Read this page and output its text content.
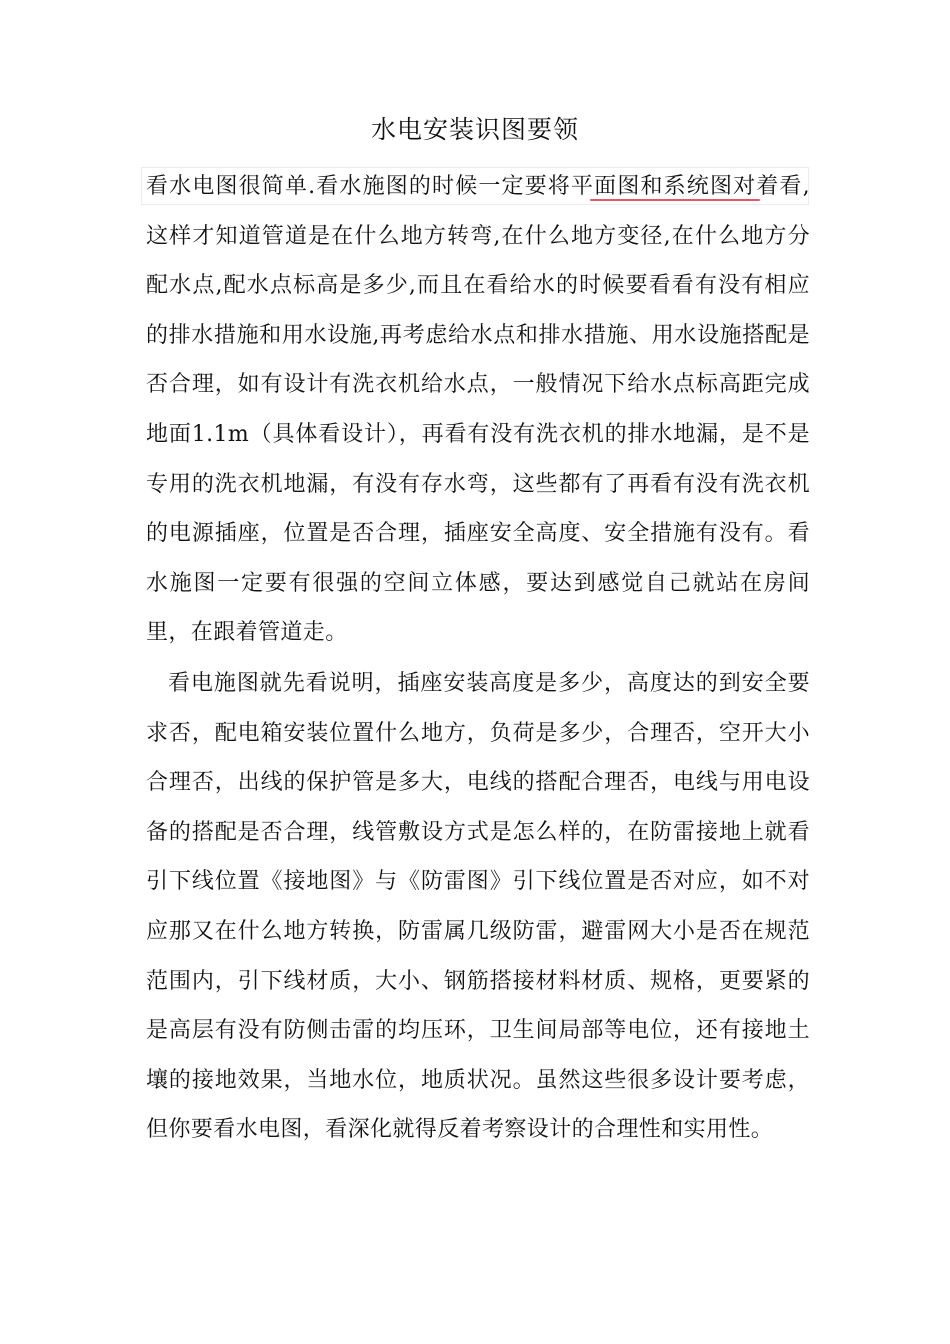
水电安装识图要领

看水电图很简单.看水施图的时候一定要将平面图和系统图对着看,这样才知道管道是在什么地方转弯,在什么地方变径,在什么地方分配水点,配水点标高是多少,而且在看给水的时候要看看有没有相应的排水措施和用水设施,再考虑给水点和排水措施、用水设施搭配是否合理，如有设计有洗衣机给水点，一般情况下给水点标高距完成地面1.1m（具体看设计），再看有没有洗衣机的排水地漏，是不是专用的洗衣机地漏，有没有存水弯，这些都有了再看有没有洗衣机的电源插座，位置是否合理，插座安全高度、安全措施有没有。看水施图一定要有很强的空间立体感，要达到感觉自己就站在房间里，在跟着管道走。

看电施图就先看说明，插座安装高度是多少，高度达的到安全要求否，配电箱安装位置什么地方，负荷是多少，合理否，空开大小合理否，出线的保护管是多大，电线的搭配合理否，电线与用电设备的搭配是否合理，线管敷设方式是怎么样的，在防雷接地上就看引下线位置《接地图》与《防雷图》引下线位置是否对应，如不对应那又在什么地方转换，防雷属几级防雷，避雷网大小是否在规范范围内，引下线材质，大小、钢筋搭接材料材质、规格，更要紧的是高层有没有防侧击雷的均压环，卫生间局部等电位，还有接地土壤的接地效果，当地水位，地质状况。虽然这些很多设计要考虑，但你要看水电图，看深化就得反着考察设计的合理性和实用性。
